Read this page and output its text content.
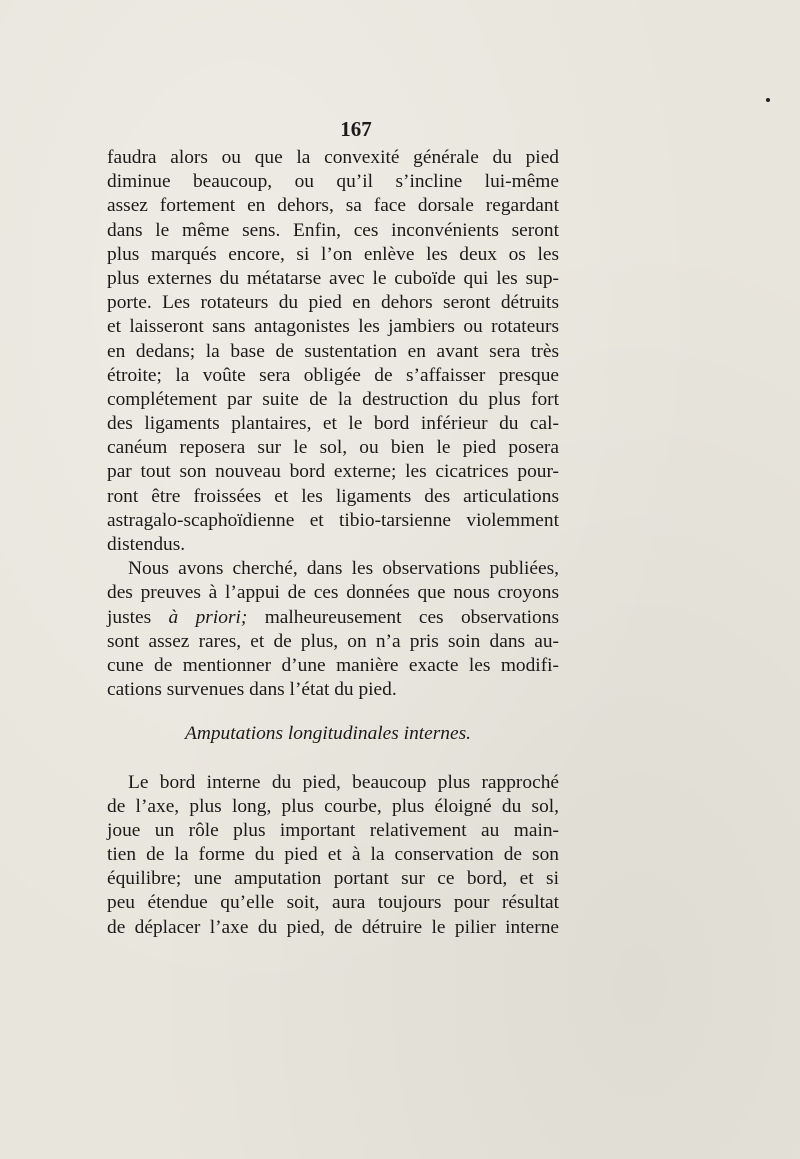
167
faudra alors ou que la convexité générale du pied
diminue beaucoup, ou qu’il s’incline lui-même
assez fortement en dehors, sa face dorsale regardant
dans le même sens. Enfin, ces inconvénients seront
plus marqués encore, si l’on enlève les deux os les
plus externes du métatarse avec le cuboïde qui les sup-
porte. Les rotateurs du pied en dehors seront détruits
et laisseront sans antagonistes les jambiers ou rotateurs
en dedans; la base de sustentation en avant sera très
étroite; la voûte sera obligée de s’affaisser presque
complétement par suite de la destruction du plus fort
des ligaments plantaires, et le bord inférieur du cal-
canéum reposera sur le sol, ou bien le pied posera
par tout son nouveau bord externe; les cicatrices pour-
ront être froissées et les ligaments des articulations
astragalo-scaphoïdienne et tibio-tarsienne violemment
distendus.
Nous avons cherché, dans les observations publiées,
des preuves à l’appui de ces données que nous croyons
justes à priori; malheureusement ces observations
sont assez rares, et de plus, on n’a pris soin dans au-
cune de mentionner d’une manière exacte les modifi-
cations survenues dans l’état du pied.
Amputations longitudinales internes.
Le bord interne du pied, beaucoup plus rapproché
de l’axe, plus long, plus courbe, plus éloigné du sol,
joue un rôle plus important relativement au main-
tien de la forme du pied et à la conservation de son
équilibre; une amputation portant sur ce bord, et si
peu étendue qu’elle soit, aura toujours pour résultat
de déplacer l’axe du pied, de détruire le pilier interne
